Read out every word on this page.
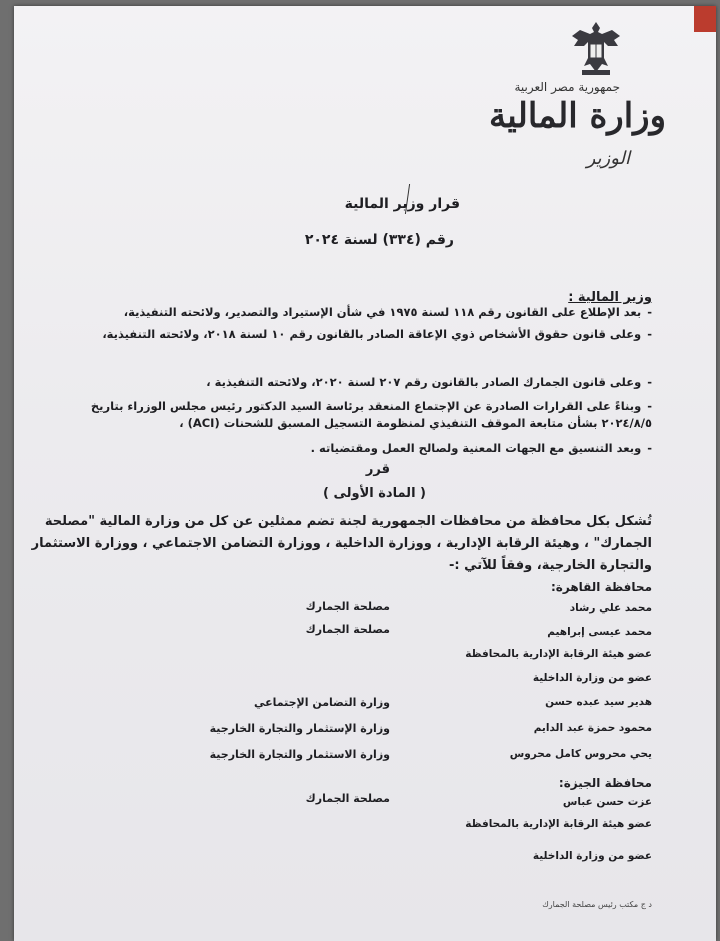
جمهورية مصر العربية
وزارة المالية
الوزير
قرار وزير المالية
رقم (٣٣٤) لسنة ٢٠٢٤
وزير المالية :
-بعد الإطلاع على القانون رقم ١١٨ لسنة ١٩٧٥ في شأن الإستيراد والتصدير، ولائحته التنفيذية،
-وعلى قانون حقوق الأشخاص ذوي الإعاقة الصادر بالقانون رقم ١٠ لسنة ٢٠١٨، ولائحته التنفيذية،
-وعلى قانون الجمارك الصادر بالقانون رقم ٢٠٧ لسنة ٢٠٢٠، ولائحته التنفيذية ،
-وبناءً على القرارات الصادرة عن الإجتماع المنعقد برئاسة السيد الدكتور رئيس مجلس الوزراء بتاريخ ٢٠٢٤/٨/٥ بشأن متابعة الموقف التنفيذي لمنظومة التسجيل المسبق للشحنات (ACI) ،
-وبعد التنسيق مع الجهات المعنية ولصالح العمل ومقتضياته .
قرر
( المادة الأولى )
تُشكل بكل محافظة من محافظات الجمهورية لجنة تضم ممثلين عن كل من وزارة المالية "مصلحة الجمارك" ، وهيئة الرقابة الإدارية ، ووزارة الداخلية ، ووزارة التضامن الاجتماعي ، ووزارة الاستثمار والتجارة الخارجية، وفقاً للآتي :-
محافظة القاهرة:
محمد علي رشاد
مصلحة الجمارك
محمد عيسى إبراهيم
مصلحة الجمارك
عضو هيئة الرقابة الإدارية بالمحافظة
عضو من وزارة الداخلية
هدير سيد عبده حسن
وزارة التضامن الإجتماعي
محمود حمزة عبد الدايم
وزارة الإستثمار والتجارة الخارجية
يحي محروس كامل محروس
وزارة الاستثمار والتجارة الخارجية
محافظة الجيزة:
عزت حسن عباس
مصلحة الجمارك
عضو هيئة الرقابة الإدارية بالمحافظة
عضو من وزارة الداخلية
د ج مكتب رئيس مصلحة الجمارك
